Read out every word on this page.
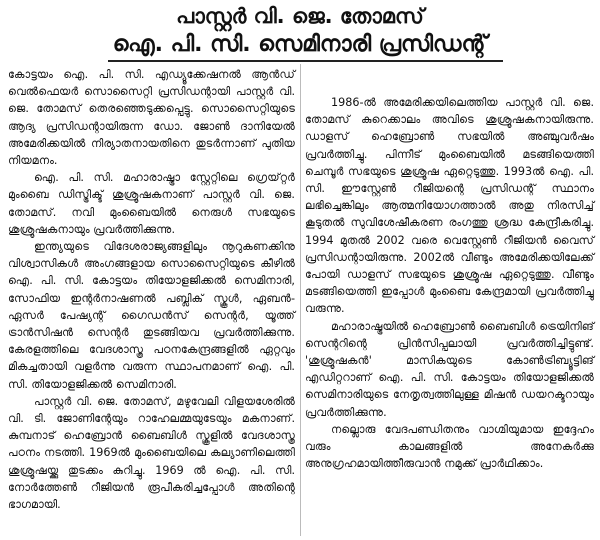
പാസ്റ്റർ വി. ജെ. തോമസ്
ഐ. പി. സി. സെമിനാരി പ്രസിഡന്റ്

കോട്ടയം ഐ. പി. സി. എഡ്യൂക്കേഷനൽ ആൻഡ് വെൽഫെയർ സൊസൈറ്റി പ്രസിഡന്റായി പാസ്റ്റർ വി. ജെ. തോമസ് തെരഞ്ഞെടുക്കപ്പെട്ടു. സൊസൈറ്റിയുടെ ആദ്യ പ്രസിഡന്റായിരുന്ന ഡോ. ജോൺ ദാനിയേൽ അമേരിക്കയിൽ നിര്യാതനായതിനെ തുടർന്നാണ് പുതിയ നിയമനം.

ഐ. പി. സി. മഹാരാഷ്ട്രാ സ്റ്റേറ്റിലെ ഗ്രെയ്റ്റർ മുംബൈ ഡിസ്ട്രിക്ട് ശുശ്രൂഷകനാണ് പാസ്റ്റർ വി. ജെ. തോമസ്. നവി മുംബൈയിൽ നെരുൾ സഭയുടെ ശുശ്രൂഷകനായും പ്രവർത്തിക്കുന്നു.

ഇന്ത്യയുടെ വിദേശരാജ്യങ്ങളിലും നൂറുകണക്കിനു വിശ്വാസികൾ അംഗങ്ങളായ സൊസൈറ്റിയുടെ കീഴിൽ ഐ. പി. സി. കോട്ടയം തിയോളജിക്കൽ സെമിനാരി, സോഫിയ ഇന്റർനാഷണൽ പബ്ലിക് സ്കൂൾ, ഏബൻ-ഏസർ പേഷ്യന്റ് ഗൈഡൻസ് സെന്റർ, യൂത്ത് ട്രാൻസിഷൻ സെന്റർ തുടങ്ങിയവ പ്രവർത്തിക്കുന്നു. കേരളത്തിലെ വേദശാസ്ത്ര പഠനകേന്ദ്രങ്ങളിൽ ഏറ്റവും മികച്ചതായി വളർന്നു വരുന്ന സ്ഥാപനമാണ് ഐ. പി. സി. തിയോളജിക്കൽ സെമിനാരി.

പാസ്റ്റർ വി. ജെ. തോമസ്, മഴുവേലി വിളയശേരിൽ വി. ടി. ജോണിന്റേയും റാഹേലമ്മയുടേയും മകനാണ്. കുമ്പനാട് ഹെബ്രോൻ ബൈബിൾ സ്കൂളിൽ വേദശാസ്ത്ര പഠനം നടത്തി. 1969ൽ മുംബൈയിലെ കല്യാണിലെത്തി ശുശ്രൂഷയ്ക്കു തുടക്കം കുറിച്ചു. 1969 ൽ ഐ. പി. സി. നോർത്തേൺ റീജിയൻ രൂപീകരിച്ചപ്പോൾ അതിന്റെ ഭാഗമായി.

1986-ൽ അമേരിക്കയിലെത്തിയ പാസ്റ്റർ വി. ജെ. തോമസ് കുറെക്കാലം അവിടെ ശുശ്രൂഷകനായിരുന്നു. ഡാളസ് ഹെബ്രോൺ സഭയിൽ അഞ്ചുവർഷം പ്രവർത്തിച്ചു. പിന്നീട് മുംബൈയിൽ മടങ്ങിയെത്തി ചെമ്പൂർ സഭയുടെ ശുശ്രൂഷ ഏറ്റെടുത്തു. 1993ൽ ഐ. പി. സി. ഈസ്റ്റേൺ റീജിയന്റെ പ്രസിഡന്റ് സ്ഥാനം ലഭിച്ചെങ്കിലും ആത്മനിയോഗത്താൽ അതു നിരസിച്ച് കൂടുതൽ സുവിശേഷീകരണ രംഗത്തു ശ്രദ്ധ കേന്ദ്രീകരിച്ചു. 1994 മുതൽ 2002 വരെ വെസ്റ്റേൺ റീജിയൻ വൈസ് പ്രസിഡന്റായിരുന്നു. 2002ൽ വീണ്ടും അമേരിക്കയിലേക്ക് പോയി ഡാളസ് സഭയുടെ ശുശ്രൂഷ ഏറ്റെടുത്തു. വീണ്ടും മടങ്ങിയെത്തി ഇപ്പോൾ മുംബൈ കേന്ദ്രമായി പ്രവർത്തിച്ചു വരുന്നു.

മഹാരാഷ്ട്രയിൽ ഹെബ്രോൺ ബൈബിൾ ട്രെയിനിങ് സെന്ററിന്റെ പ്രിൻസിപ്പലായി പ്രവർത്തിച്ചിട്ടുണ്ട്. 'ശുശ്രൂഷകൻ' മാസികയുടെ കോൺട്രിബ്യൂട്ടിങ് എഡിറ്ററാണ് ഐ. പി. സി. കോട്ടയം തിയോളജിക്കൽ സെമിനാരിയുടെ നേതൃത്വത്തിലുള്ള മിഷൻ ഡയറക്ടറായും പ്രവർത്തിക്കുന്നു.

നല്ലൊരു വേദപണ്ഡിതനും വാഗ്മിയുമായ ഇദ്ദേഹം വരും കാലങ്ങളിൽ അനേകർക്കു അനുഗ്രഹമായിത്തീരുവാൻ നമുക്ക് പ്രാർഥിക്കാം.
